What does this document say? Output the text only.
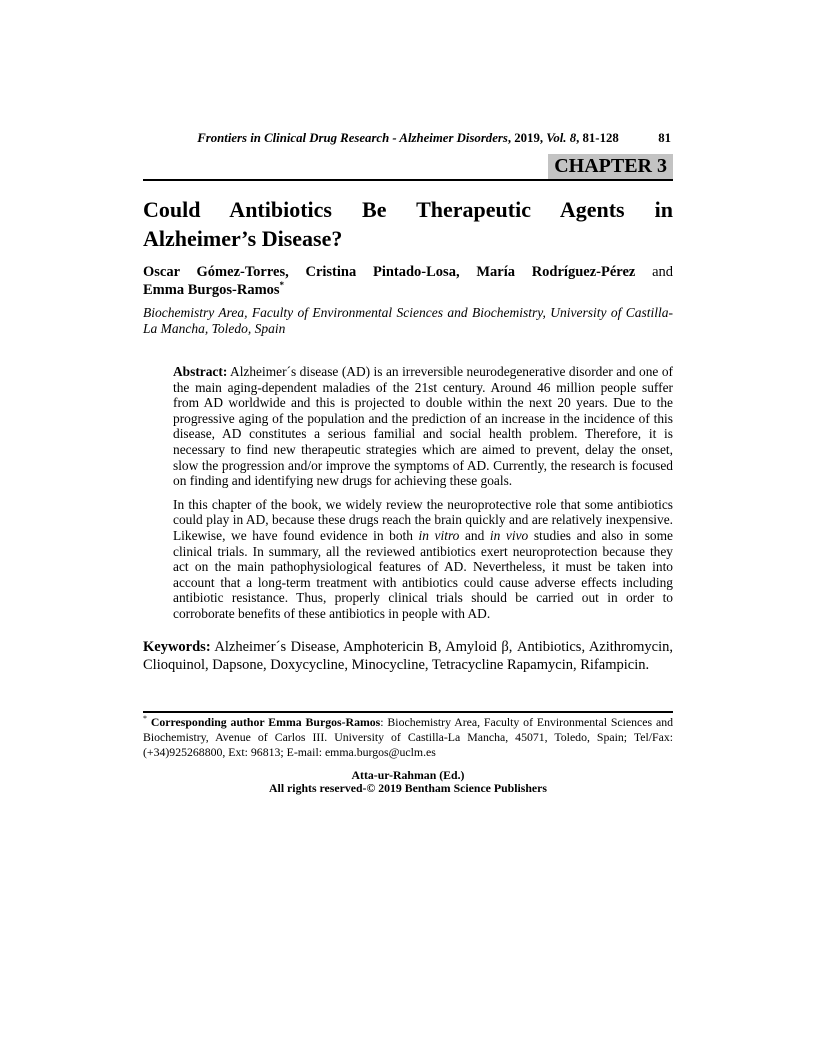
Frontiers in Clinical Drug Research - Alzheimer Disorders, 2019, Vol. 8, 81-128	81
CHAPTER 3
Could Antibiotics Be Therapeutic Agents in
Alzheimer’s Disease?
Oscar Gómez-Torres, Cristina Pintado-Losa, María Rodríguez-Pérez and
Emma Burgos-Ramos*
Biochemistry Area, Faculty of Environmental Sciences and Biochemistry, University of Castilla-La Mancha, Toledo, Spain

Abstract: Alzheimer´s disease (AD) is an irreversible neurodegenerative disorder and one of the main aging-dependent maladies of the 21st century. Around 46 million people suffer from AD worldwide and this is projected to double within the next 20 years. Due to the progressive aging of the population and the prediction of an increase in the incidence of this disease, AD constitutes a serious familial and social health problem. Therefore, it is necessary to find new therapeutic strategies which are aimed to prevent, delay the onset, slow the progression and/or improve the symptoms of AD. Currently, the research is focused on finding and identifying new drugs for achieving these goals.

In this chapter of the book, we widely review the neuroprotective role that some antibiotics could play in AD, because these drugs reach the brain quickly and are relatively inexpensive. Likewise, we have found evidence in both in vitro and in vivo studies and also in some clinical trials. In summary, all the reviewed antibiotics exert neuroprotection because they act on the main pathophysiological features of AD. Nevertheless, it must be taken into account that a long-term treatment with antibiotics could cause adverse effects including antibiotic resistance. Thus, properly clinical trials should be carried out in order to corroborate benefits of these antibiotics in people with AD.

Keywords: Alzheimer´s Disease, Amphotericin B, Amyloid β, Antibiotics, Azithromycin, Clioquinol, Dapsone, Doxycycline, Minocycline, Tetracycline Rapamycin, Rifampicin.
* Corresponding author Emma Burgos-Ramos: Biochemistry Area, Faculty of Environmental Sciences and Biochemistry, Avenue of Carlos III. University of Castilla-La Mancha, 45071, Toledo, Spain; Tel/Fax: (+34)925268800, Ext: 96813; E-mail: emma.burgos@uclm.es
Atta-ur-Rahman (Ed.)
All rights reserved-© 2019 Bentham Science Publishers
